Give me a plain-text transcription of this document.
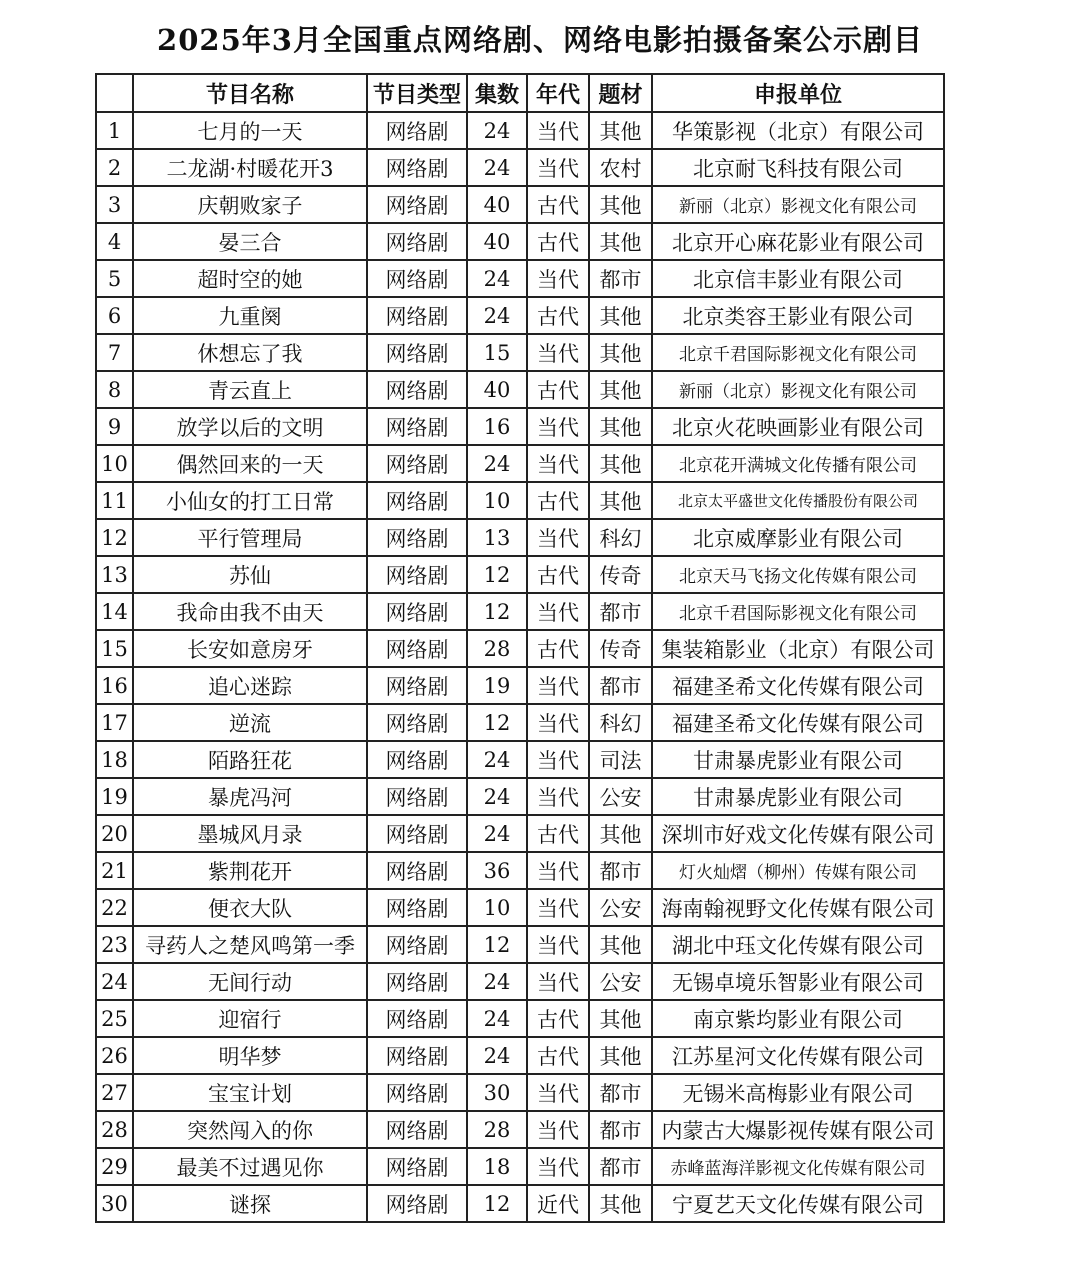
2025年3月全国重点网络剧、网络电影拍摄备案公示剧目
	节目名称	节目类型	集数	年代	题材	申报单位
1	七月的一天	网络剧	24	当代	其他	华策影视（北京）有限公司
2	二龙湖·村暖花开3	网络剧	24	当代	农村	北京耐飞科技有限公司
3	庆朝败家子	网络剧	40	古代	其他	新丽（北京）影视文化有限公司
4	晏三合	网络剧	40	古代	其他	北京开心麻花影业有限公司
5	超时空的她	网络剧	24	当代	都市	北京信丰影业有限公司
6	九重阕	网络剧	24	古代	其他	北京类容王影业有限公司
7	休想忘了我	网络剧	15	当代	其他	北京千君国际影视文化有限公司
8	青云直上	网络剧	40	古代	其他	新丽（北京）影视文化有限公司
9	放学以后的文明	网络剧	16	当代	其他	北京火花映画影业有限公司
10	偶然回来的一天	网络剧	24	当代	其他	北京花开满城文化传播有限公司
11	小仙女的打工日常	网络剧	10	古代	其他	北京太平盛世文化传播股份有限公司
12	平行管理局	网络剧	13	当代	科幻	北京威摩影业有限公司
13	苏仙	网络剧	12	古代	传奇	北京天马飞扬文化传媒有限公司
14	我命由我不由天	网络剧	12	当代	都市	北京千君国际影视文化有限公司
15	长安如意房牙	网络剧	28	古代	传奇	集装箱影业（北京）有限公司
16	追心迷踪	网络剧	19	当代	都市	福建圣希文化传媒有限公司
17	逆流	网络剧	12	当代	科幻	福建圣希文化传媒有限公司
18	陌路狂花	网络剧	24	当代	司法	甘肃暴虎影业有限公司
19	暴虎冯河	网络剧	24	当代	公安	甘肃暴虎影业有限公司
20	墨城风月录	网络剧	24	古代	其他	深圳市好戏文化传媒有限公司
21	紫荆花开	网络剧	36	当代	都市	灯火灿熠（柳州）传媒有限公司
22	便衣大队	网络剧	10	当代	公安	海南翰视野文化传媒有限公司
23	寻药人之楚风鸣第一季	网络剧	12	当代	其他	湖北中珏文化传媒有限公司
24	无间行动	网络剧	24	当代	公安	无锡卓境乐智影业有限公司
25	迎宿行	网络剧	24	古代	其他	南京紫均影业有限公司
26	明华梦	网络剧	24	古代	其他	江苏星河文化传媒有限公司
27	宝宝计划	网络剧	30	当代	都市	无锡米高梅影业有限公司
28	突然闯入的你	网络剧	28	当代	都市	内蒙古大爆影视传媒有限公司
29	最美不过遇见你	网络剧	18	当代	都市	赤峰蓝海洋影视文化传媒有限公司
30	谜探	网络剧	12	近代	其他	宁夏艺天文化传媒有限公司
